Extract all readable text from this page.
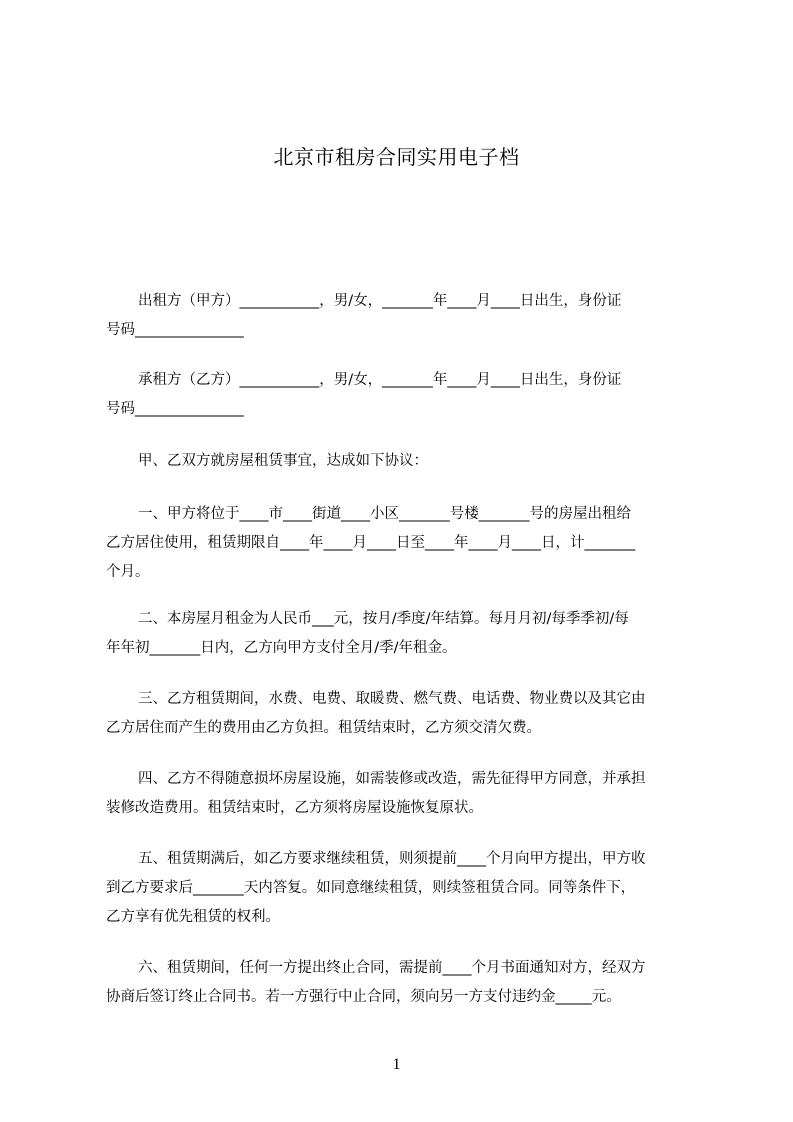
北京市租房合同实用电子档
出租方（甲方）___________，男/女，_______年____月____日出生，身份证
号码_______________
承租方（乙方）___________，男/女，_______年____月____日出生，身份证
号码_______________
甲、乙双方就房屋租赁事宜，达成如下协议：
一、甲方将位于____市____街道____小区_______号楼_______号的房屋出租给
乙方居住使用，租赁期限自____年____月____日至____年____月____日，计_______
个月。
二、本房屋月租金为人民币___元，按月/季度/年结算。每月月初/每季季初/每
年年初_______日内，乙方向甲方支付全月/季/年租金。
三、乙方租赁期间，水费、电费、取暖费、燃气费、电话费、物业费以及其它由
乙方居住而产生的费用由乙方负担。租赁结束时，乙方须交清欠费。
四、乙方不得随意损坏房屋设施，如需装修或改造，需先征得甲方同意，并承担
装修改造费用。租赁结束时，乙方须将房屋设施恢复原状。
五、租赁期满后，如乙方要求继续租赁，则须提前____个月向甲方提出，甲方收
到乙方要求后_______天内答复。如同意继续租赁，则续签租赁合同。同等条件下，
乙方享有优先租赁的权利。
六、租赁期间，任何一方提出终止合同，需提前____个月书面通知对方，经双方
协商后签订终止合同书。若一方强行中止合同，须向另一方支付违约金_____元。
1
